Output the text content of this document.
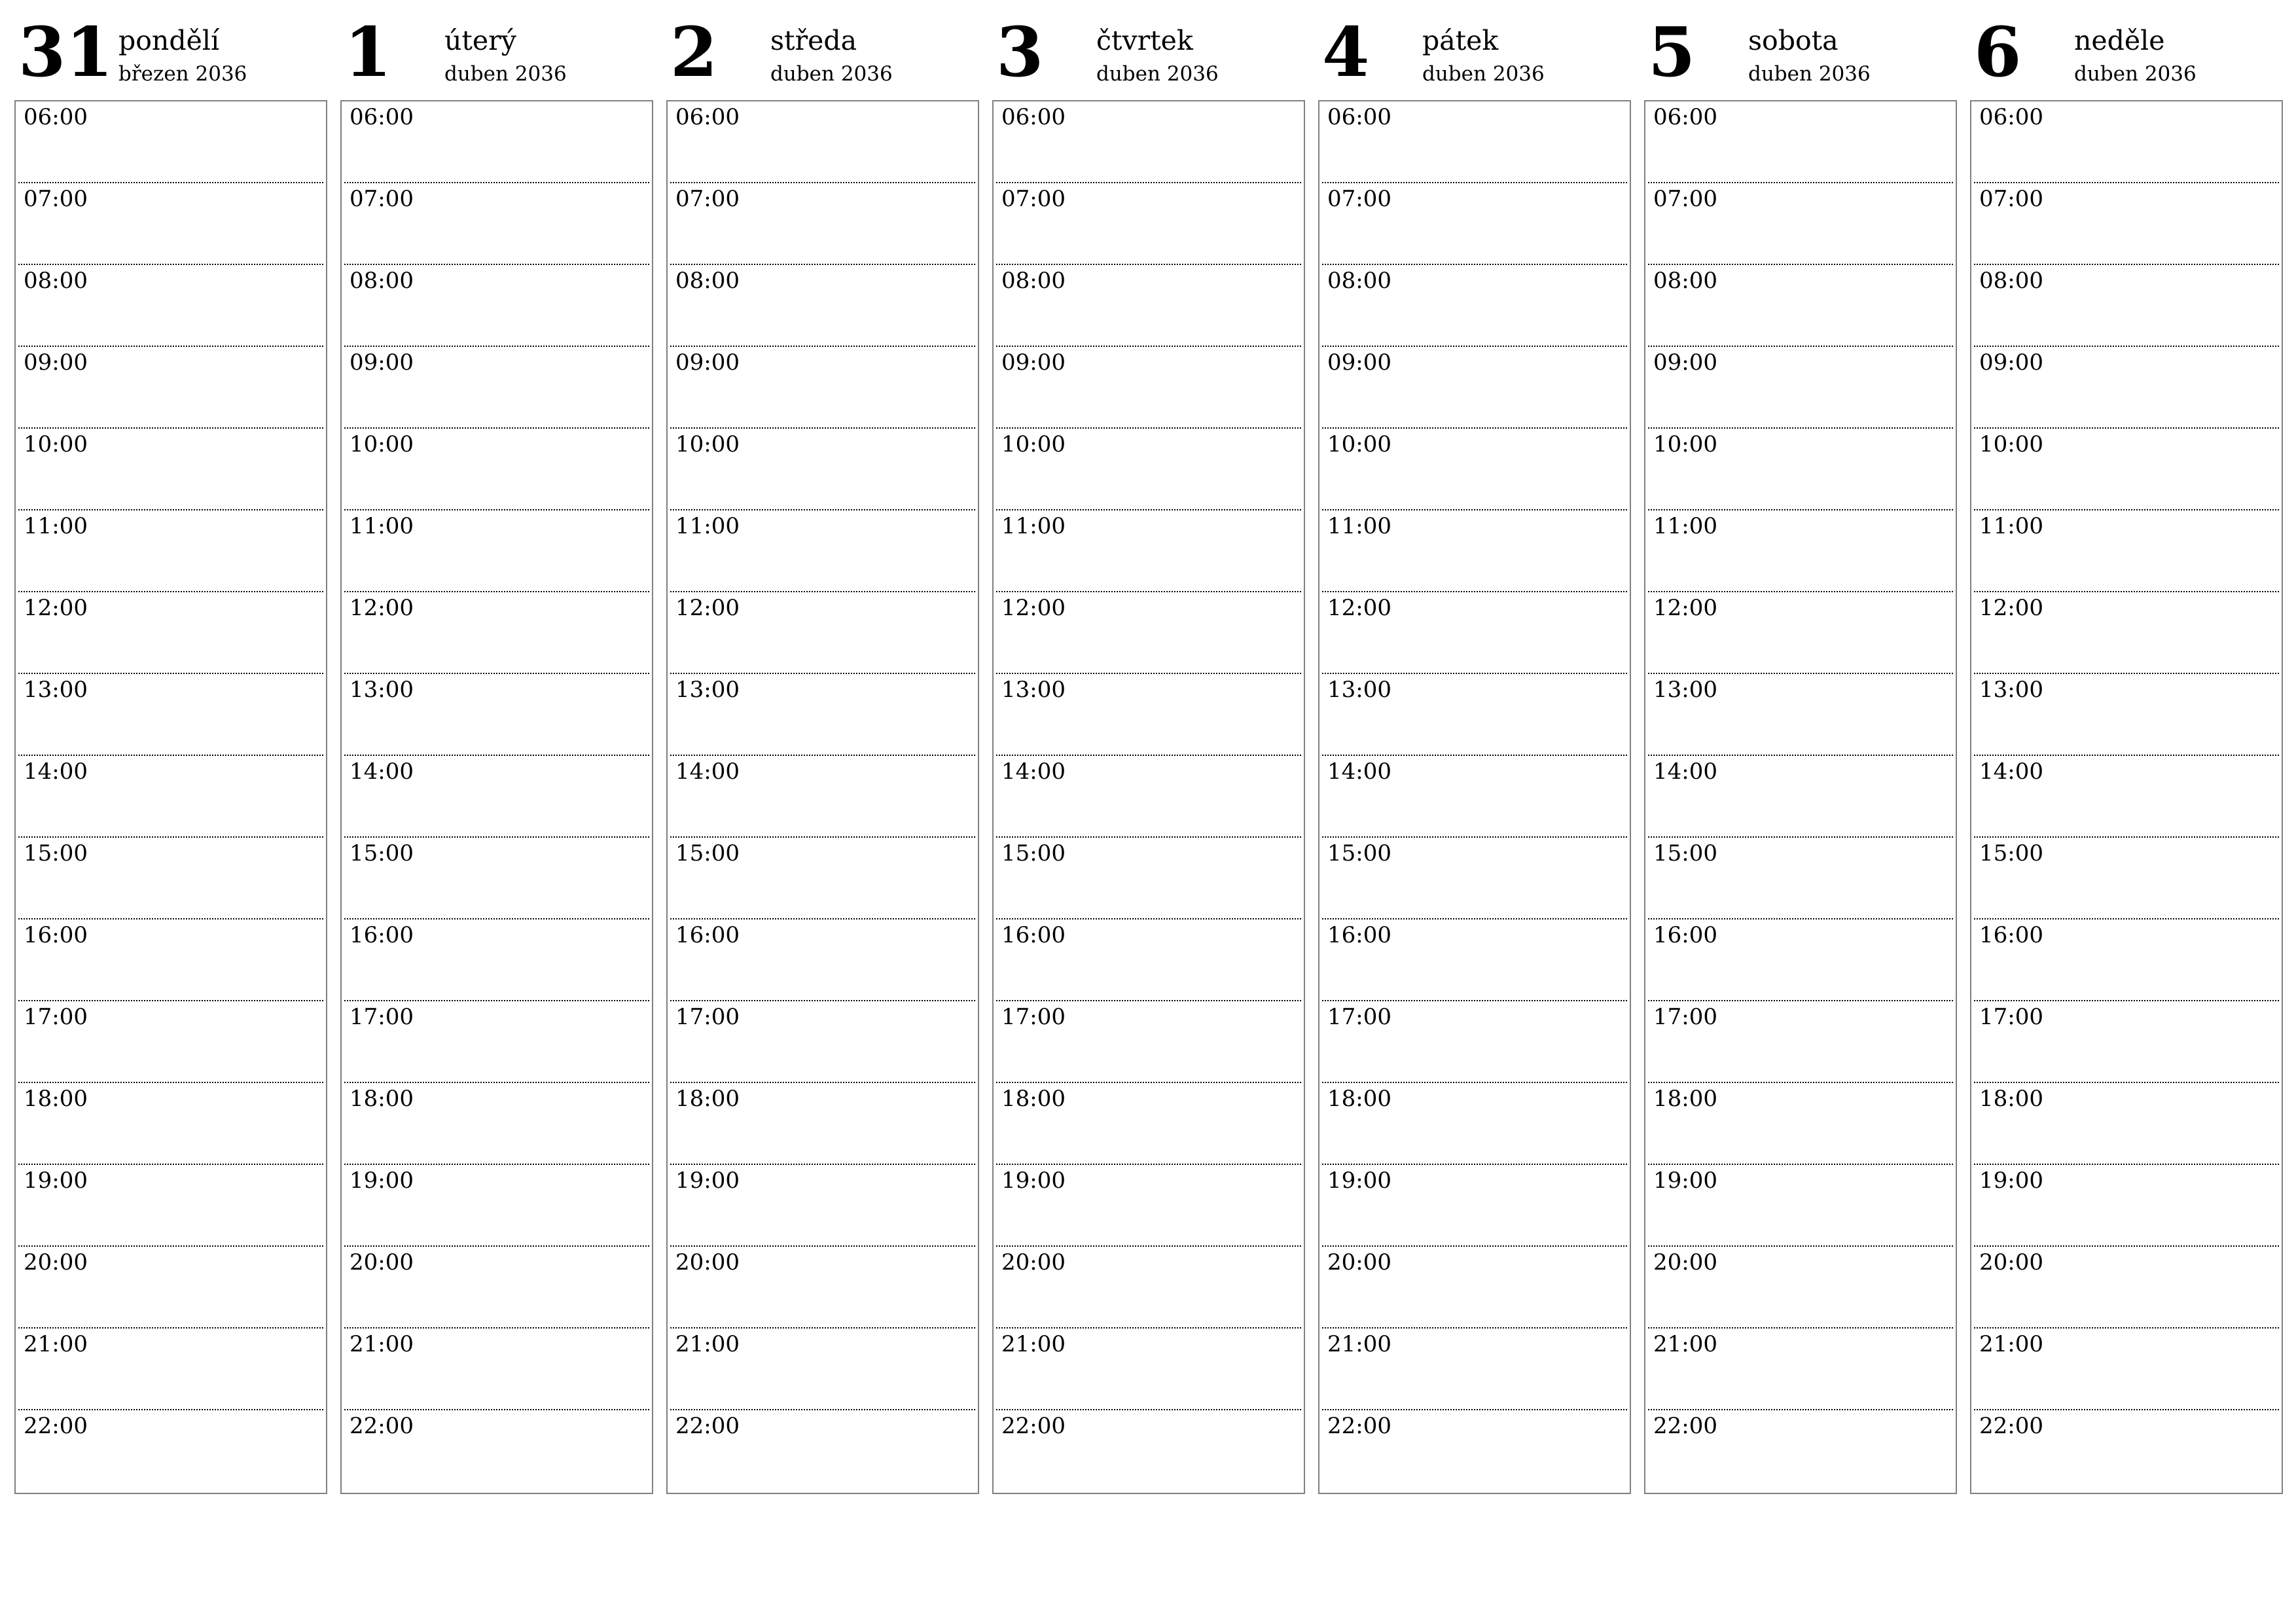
31 pondělí
březen 2036
06:00
07:00
08:00
09:00
10:00
11:00
12:00
13:00
14:00
15:00
16:00
17:00
18:00
19:00
20:00
21:00
22:00
1 úterý
duben 2036
06:00
07:00
08:00
09:00
10:00
11:00
12:00
13:00
14:00
15:00
16:00
17:00
18:00
19:00
20:00
21:00
22:00
2 středa
duben 2036
06:00
07:00
08:00
09:00
10:00
11:00
12:00
13:00
14:00
15:00
16:00
17:00
18:00
19:00
20:00
21:00
22:00
3 čtvrtek
duben 2036
06:00
07:00
08:00
09:00
10:00
11:00
12:00
13:00
14:00
15:00
16:00
17:00
18:00
19:00
20:00
21:00
22:00
4 pátek
duben 2036
06:00
07:00
08:00
09:00
10:00
11:00
12:00
13:00
14:00
15:00
16:00
17:00
18:00
19:00
20:00
21:00
22:00
5 sobota
duben 2036
06:00
07:00
08:00
09:00
10:00
11:00
12:00
13:00
14:00
15:00
16:00
17:00
18:00
19:00
20:00
21:00
22:00
6 neděle
duben 2036
06:00
07:00
08:00
09:00
10:00
11:00
12:00
13:00
14:00
15:00
16:00
17:00
18:00
19:00
20:00
21:00
22:00
